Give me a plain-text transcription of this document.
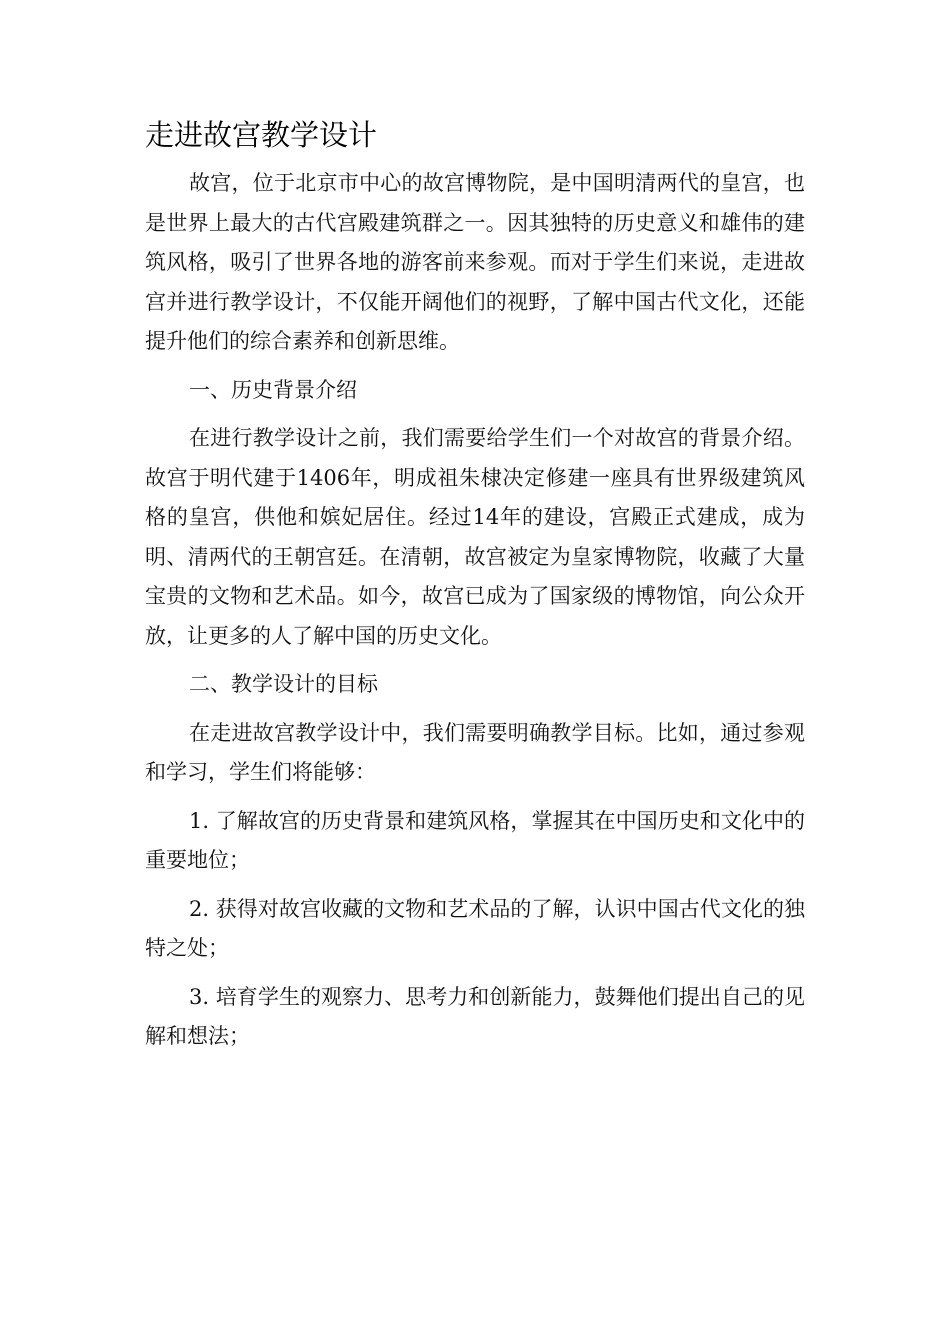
走进故宫教学设计

故宫，位于北京市中心的故宫博物院，是中国明清两代的皇宫，也是世界上最大的古代宫殿建筑群之一。因其独特的历史意义和雄伟的建筑风格，吸引了世界各地的游客前来参观。而对于学生们来说，走进故宫并进行教学设计，不仅能开阔他们的视野，了解中国古代文化，还能提升他们的综合素养和创新思维。

一、历史背景介绍

在进行教学设计之前，我们需要给学生们一个对故宫的背景介绍。故宫于明代建于1406年，明成祖朱棣决定修建一座具有世界级建筑风格的皇宫，供他和嫔妃居住。经过14年的建设，宫殿正式建成，成为明、清两代的王朝宫廷。在清朝，故宫被定为皇家博物院，收藏了大量宝贵的文物和艺术品。如今，故宫已成为了国家级的博物馆，向公众开放，让更多的人了解中国的历史文化。

二、教学设计的目标

在走进故宫教学设计中，我们需要明确教学目标。比如，通过参观和学习，学生们将能够：

1. 了解故宫的历史背景和建筑风格，掌握其在中国历史和文化中的重要地位；

2. 获得对故宫收藏的文物和艺术品的了解，认识中国古代文化的独特之处；

3. 培育学生的观察力、思考力和创新能力，鼓舞他们提出自己的见解和想法；
